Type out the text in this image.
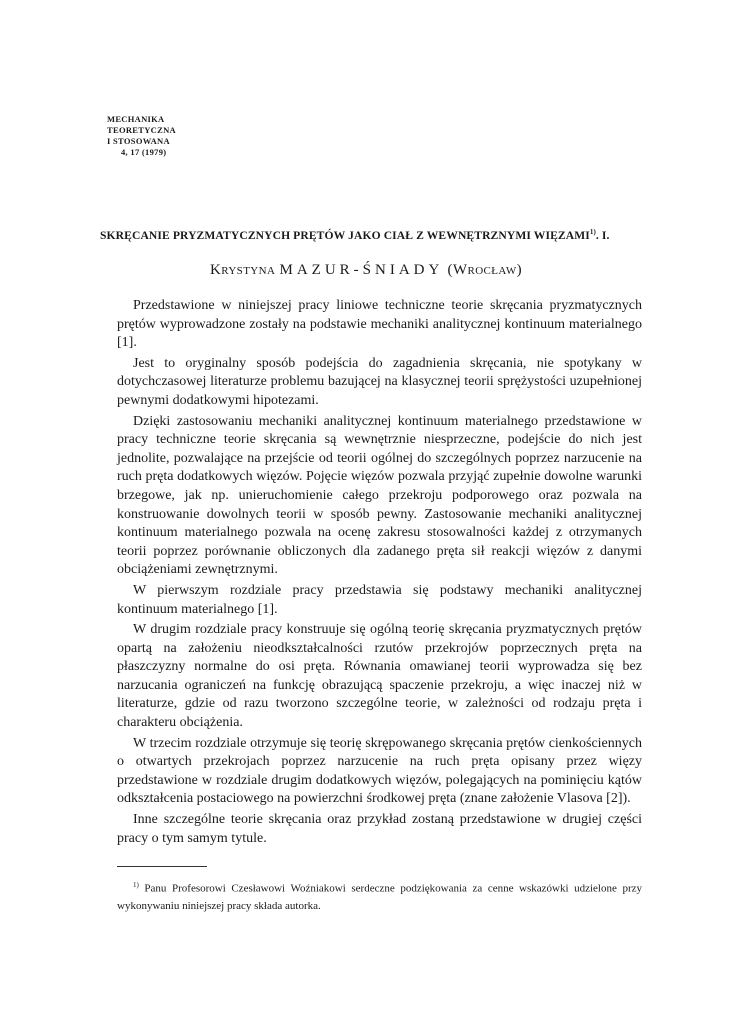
MECHANIKA
TEORETYCZNA
I STOSOWANA
4, 17 (1979)
SKRĘCANIE PRYZMATYCZNYCH PRĘTÓW JAKO CIAŁ Z WEWNĘTRZNYMI WIĘZAMI$^{1)}$. I.
Krystyna MAZUR-ŚNIADY (Wrocław)

Przedstawione w niniejszej pracy liniowe techniczne teorie skręcania pryzmatycznych prętów wyprowadzone zostały na podstawie mechaniki analitycznej kontinuum materialnego [1].

Jest to oryginalny sposób podejścia do zagadnienia skręcania, nie spotykany w dotychczasowej literaturze problemu bazującej na klasycznej teorii sprężystości uzupełnionej pewnymi dodatkowymi hipotezami.

Dzięki zastosowaniu mechaniki analitycznej kontinuum materialnego przedstawione w pracy techniczne teorie skręcania są wewnętrznie niesprzeczne, podejście do nich jest jednolite, pozwalające na przejście od teorii ogólnej do szczególnych poprzez narzucenie na ruch pręta dodatkowych więzów. Pojęcie więzów pozwala przyjąć zupełnie dowolne warunki brzegowe, jak np. unieruchomienie całego przekroju podporowego oraz pozwala na konstruowanie dowolnych teorii w sposób pewny. Zastosowanie mechaniki analitycznej kontinuum materialnego pozwala na ocenę zakresu stosowalności każdej z otrzymanych teorii poprzez porównanie obliczonych dla zadanego pręta sił reakcji więzów z danymi obciążeniami zewnętrznymi.

W pierwszym rozdziale pracy przedstawia się podstawy mechaniki analitycznej kontinuum materialnego [1].

W drugim rozdziale pracy konstruuje się ogólną teorię skręcania pryzmatycznych prętów opartą na założeniu nieodkształcalności rzutów przekrojów poprzecznych pręta na płaszczyzny normalne do osi pręta. Równania omawianej teorii wyprowadza się bez narzucania ograniczeń na funkcję obrazującą spaczenie przekroju, a więc inaczej niż w literaturze, gdzie od razu tworzono szczególne teorie, w zależności od rodzaju pręta i charakteru obciążenia.

W trzecim rozdziale otrzymuje się teorię skrępowanego skręcania prętów cienkościennych o otwartych przekrojach poprzez narzucenie na ruch pręta opisany przez więzy przedstawione w rozdziale drugim dodatkowych więzów, polegających na pominięciu kątów odkształcenia postaciowego na powierzchni środkowej pręta (znane założenie Vlasova [2]).

Inne szczególne teorie skręcania oraz przykład zostaną przedstawione w drugiej części pracy o tym samym tytule.

$^{1)}$ Panu Profesorowi Czesławowi Woźniakowi serdeczne podziękowania za cenne wskazówki udzielone przy wykonywaniu niniejszej pracy składa autorka.
